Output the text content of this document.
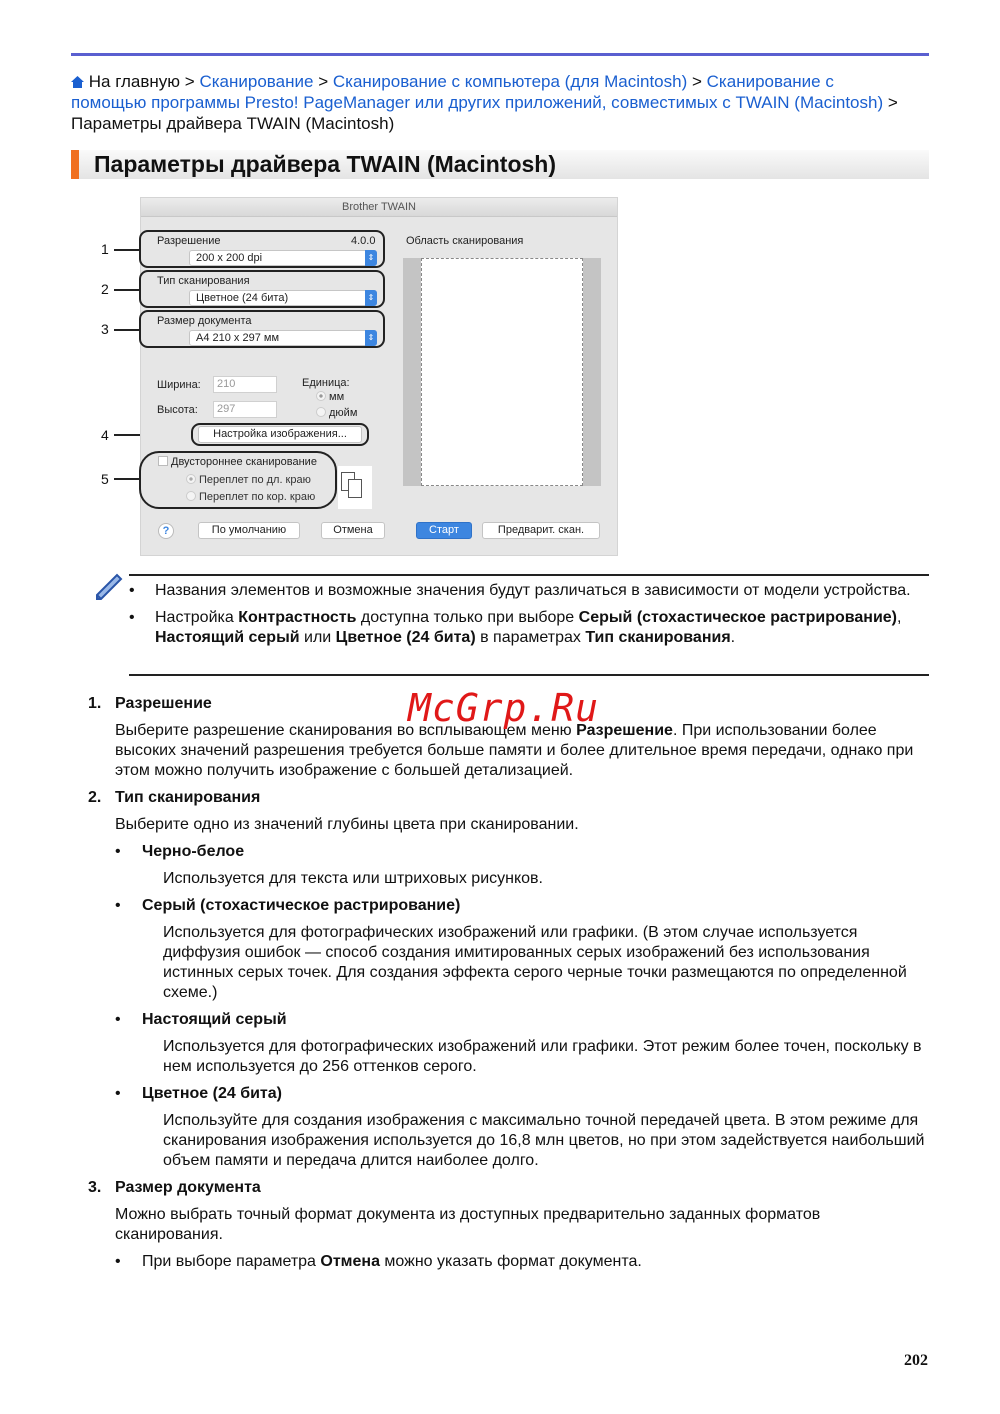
На главную > Сканирование > Сканирование с компьютера (для Macintosh) > Сканирование с помощью программы Presto! PageManager или других приложений, совместимых с TWAIN (Macintosh) > Параметры драйвера TWAIN (Macintosh)
Параметры драйвера TWAIN (Macintosh)
1
2
3
4
5
Brother TWAIN
Разрешение	4.0.0
200 x 200 dpi	⇕
Тип сканирования
Цветное (24 бита)	⇕
Размер документа
A4 210 x 297 мм	⇕
Ширина:	210
Высота:	297
Единица:
мм
дюйм
Настройка изображения...
Двустороннее сканирование
Переплет по дл. краю
Переплет по кор. краю
?	По умолчанию	Отмена	Старт	Предварит. скан.
Область сканирования
• Названия элементов и возможные значения будут различаться в зависимости от модели устройства.
• Настройка Контрастность доступна только при выборе Серый (стохастическое растрирование), Настоящий серый или Цветное (24 бита) в параметрах Тип сканирования.
1. Разрешение
Выберите разрешение сканирования во всплывающем меню Разрешение. При использовании более высоких значений разрешения требуется больше памяти и более длительное время передачи, однако при этом можно получить изображение с большей детализацией.
2. Тип сканирования
Выберите одно из значений глубины цвета при сканировании.
• Черно-белое
Используется для текста или штриховых рисунков.
• Серый (стохастическое растрирование)
Используется для фотографических изображений или графики. (В этом случае используется диффузия ошибок — способ создания имитированных серых изображений без использования истинных серых точек. Для создания эффекта серого черные точки размещаются по определенной схеме.)
• Настоящий серый
Используется для фотографических изображений или графики. Этот режим более точен, поскольку в нем используется до 256 оттенков серого.
• Цветное (24 бита)
Используйте для создания изображения с максимально точной передачей цвета. В этом режиме для сканирования изображения используется до 16,8 млн цветов, но при этом задействуется наибольший объем памяти и передача длится наиболее долго.
3. Размер документа
Можно выбрать точный формат документа из доступных предварительно заданных форматов сканирования.
• При выборе параметра Отмена можно указать формат документа.
McGrp.Ru
202
